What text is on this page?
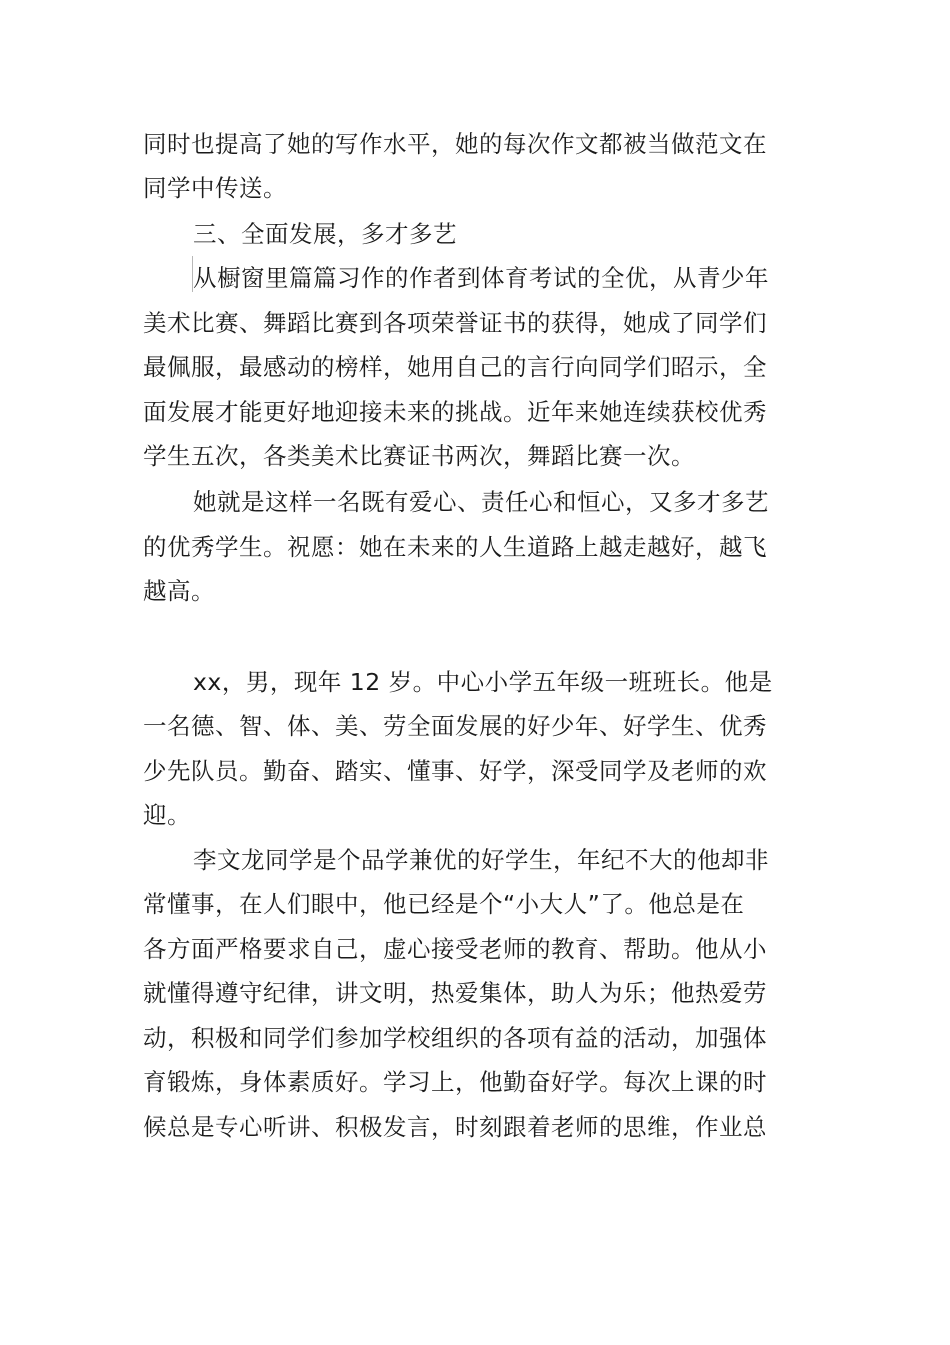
同时也提高了她的写作水平，她的每次作文都被当做范文在

同学中传送。

三、全面发展，多才多艺

从橱窗里篇篇习作的作者到体育考试的全优，从青少年

美术比赛、舞蹈比赛到各项荣誉证书的获得，她成了同学们

最佩服，最感动的榜样，她用自己的言行向同学们昭示，全

面发展才能更好地迎接未来的挑战。近年来她连续获校优秀

学生五次，各类美术比赛证书两次，舞蹈比赛一次。

她就是这样一名既有爱心、责任心和恒心，又多才多艺

的优秀学生。祝愿：她在未来的人生道路上越走越好，越飞

越高。

xx，男，现年 12 岁。中心小学五年级一班班长。他是

一名德、智、体、美、劳全面发展的好少年、好学生、优秀

少先队员。勤奋、踏实、懂事、好学，深受同学及老师的欢

迎。

李文龙同学是个品学兼优的好学生，年纪不大的他却非

常懂事，在人们眼中，他已经是个“小大人”了。他总是在

各方面严格要求自己，虚心接受老师的教育、帮助。他从小

就懂得遵守纪律，讲文明，热爱集体，助人为乐；他热爱劳

动，积极和同学们参加学校组织的各项有益的活动，加强体

育锻炼，身体素质好。学习上，他勤奋好学。每次上课的时

候总是专心听讲、积极发言，时刻跟着老师的思维，作业总
